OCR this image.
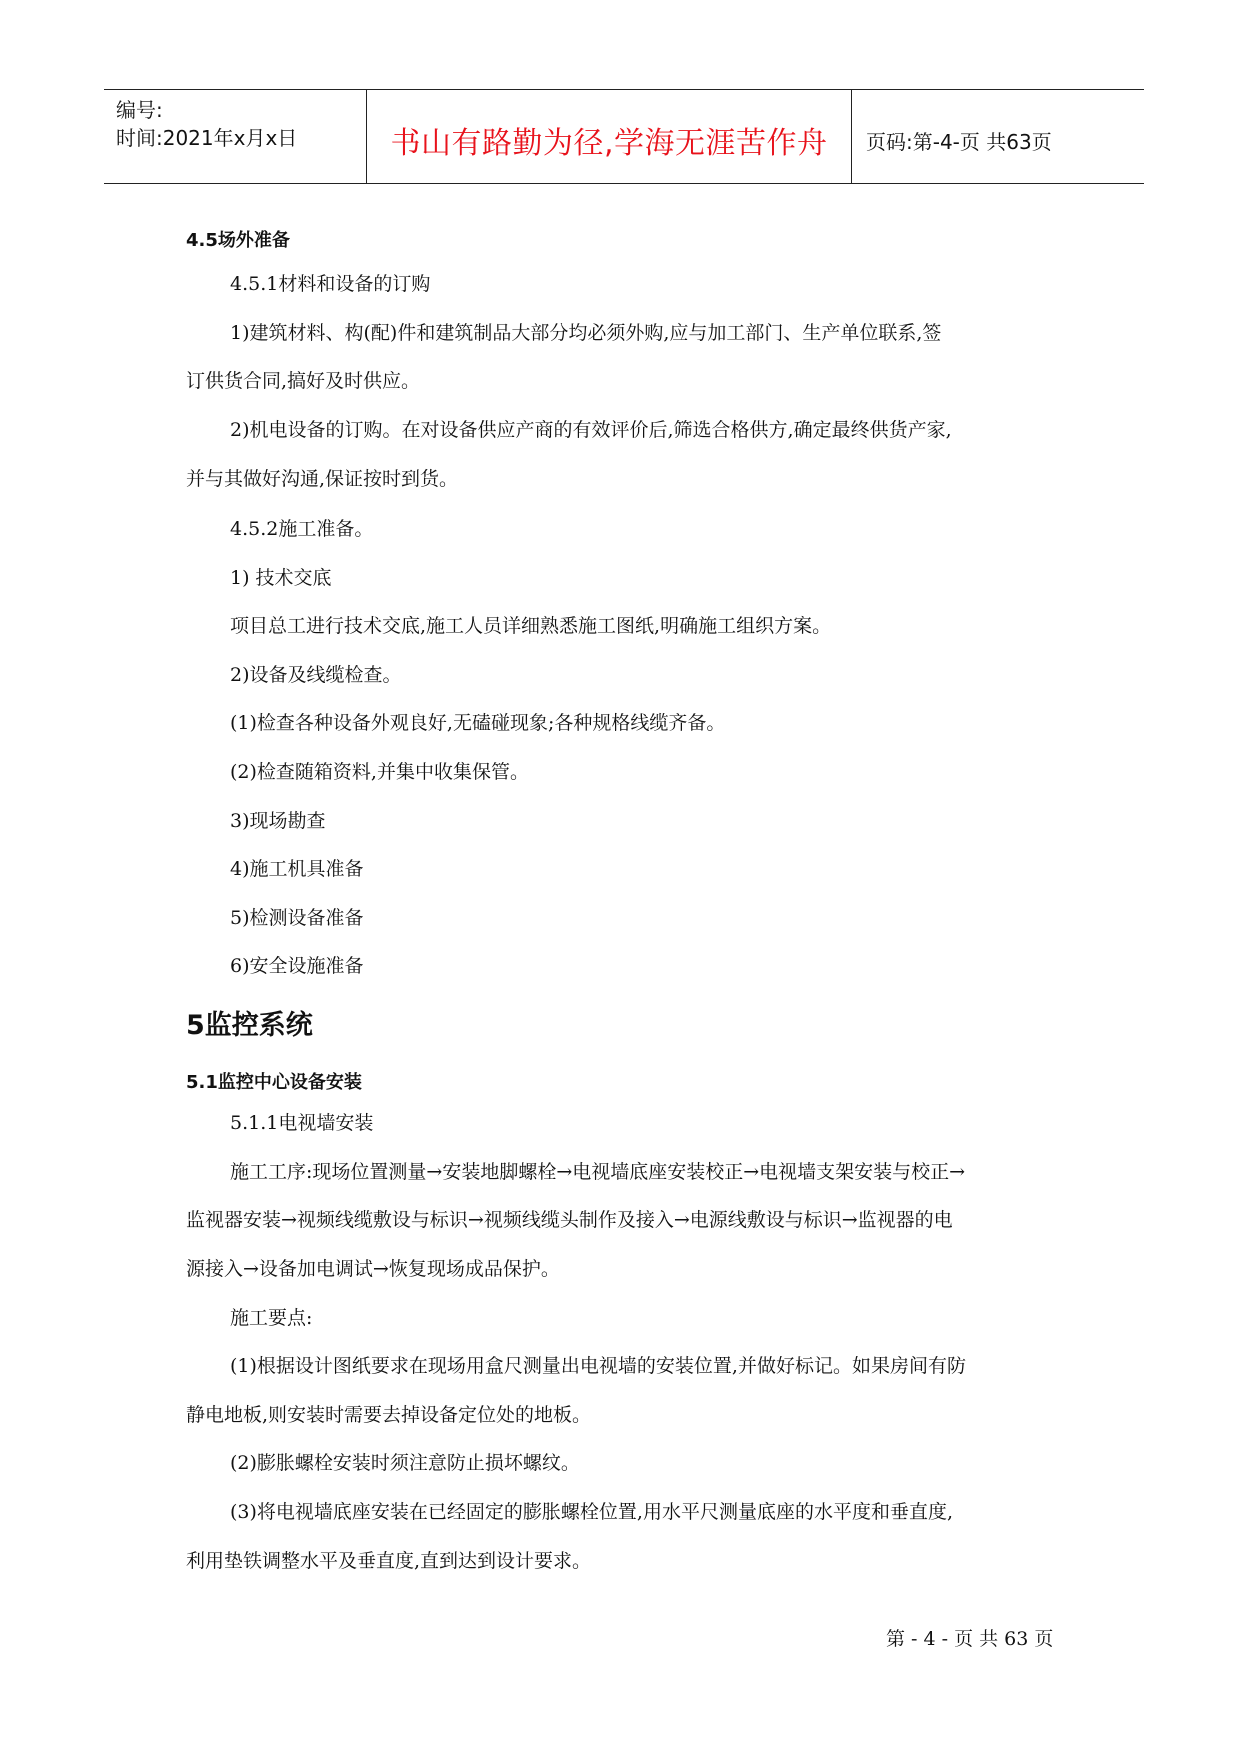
编号:
时间:2021年x月x日	书山有路勤为径,学海无涯苦作舟	页码:第-4-页 共63页
4.5场外准备
4.5.1材料和设备的订购
1)建筑材料、构(配)件和建筑制品大部分均必须外购,应与加工部门、生产单位联系,签
订供货合同,搞好及时供应。
2)机电设备的订购。在对设备供应产商的有效评价后,筛选合格供方,确定最终供货产家,
并与其做好沟通,保证按时到货。
4.5.2施工准备。
1) 技术交底
项目总工进行技术交底,施工人员详细熟悉施工图纸,明确施工组织方案。
2)设备及线缆检查。
(1)检查各种设备外观良好,无磕碰现象;各种规格线缆齐备。
(2)检查随箱资料,并集中收集保管。
3)现场勘查
4)施工机具准备
5)检测设备准备
6)安全设施准备
5监控系统
5.1监控中心设备安装
5.1.1电视墙安装
施工工序:现场位置测量→安装地脚螺栓→电视墙底座安装校正→电视墙支架安装与校正→
监视器安装→视频线缆敷设与标识→视频线缆头制作及接入→电源线敷设与标识→监视器的电
源接入→设备加电调试→恢复现场成品保护。
施工要点:
(1)根据设计图纸要求在现场用盒尺测量出电视墙的安装位置,并做好标记。如果房间有防
静电地板,则安装时需要去掉设备定位处的地板。
(2)膨胀螺栓安装时须注意防止损坏螺纹。
(3)将电视墙底座安装在已经固定的膨胀螺栓位置,用水平尺测量底座的水平度和垂直度,
利用垫铁调整水平及垂直度,直到达到设计要求。
第 - 4 - 页 共 63 页
